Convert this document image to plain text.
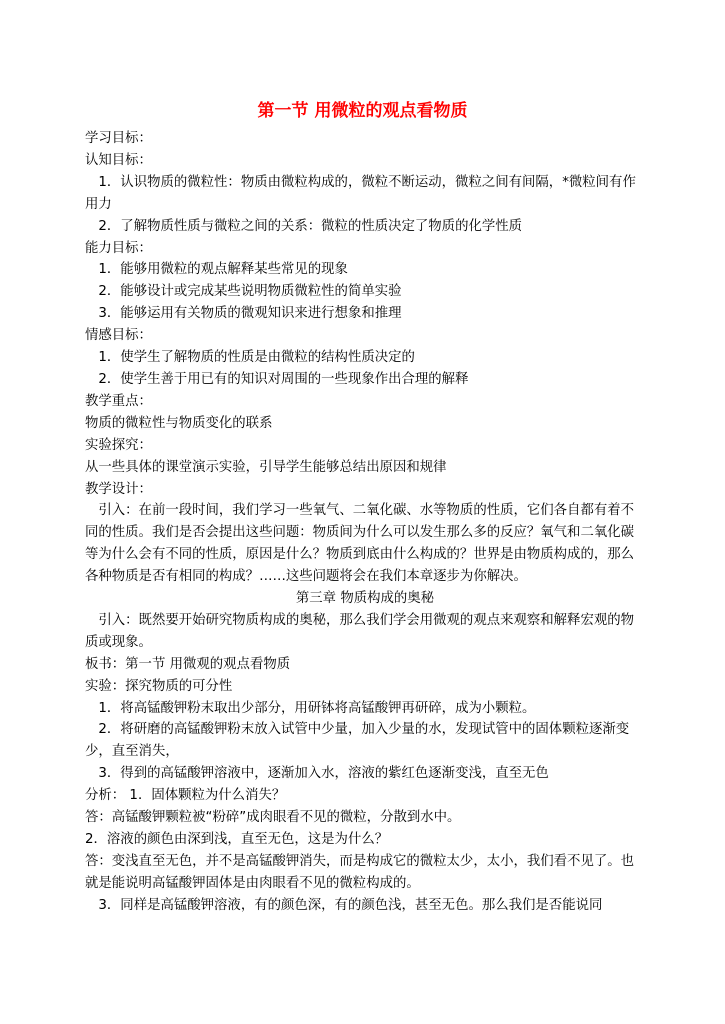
第一节 用微粒的观点看物质

学习目标：

认知目标：

1．认识物质的微粒性：物质由微粒构成的，微粒不断运动，微粒之间有间隔，*微粒间有作用力

2．了解物质性质与微粒之间的关系：微粒的性质决定了物质的化学性质

能力目标：

1．能够用微粒的观点解释某些常见的现象

2．能够设计或完成某些说明物质微粒性的简单实验

3．能够运用有关物质的微观知识来进行想象和推理

情感目标：

1．使学生了解物质的性质是由微粒的结构性质决定的

2．使学生善于用已有的知识对周围的一些现象作出合理的解释

教学重点：

物质的微粒性与物质变化的联系

实验探究：

从一些具体的课堂演示实验，引导学生能够总结出原因和规律

教学设计：

引入：在前一段时间，我们学习一些氧气、二氧化碳、水等物质的性质，它们各自都有着不同的性质。我们是否会提出这些问题：物质间为什么可以发生那么多的反应？氧气和二氧化碳等为什么会有不同的性质，原因是什么？物质到底由什么构成的？世界是由物质构成的，那么各种物质是否有相同的构成？……这些问题将会在我们本章逐步为你解决。

第三章 物质构成的奥秘

引入：既然要开始研究物质构成的奥秘，那么我们学会用微观的观点来观察和解释宏观的物质或现象。

板书：第一节 用微观的观点看物质

实验：探究物质的可分性

1．将高锰酸钾粉末取出少部分，用研钵将高锰酸钾再研碎，成为小颗粒。

2．将研磨的高锰酸钾粉末放入试管中少量，加入少量的水，发现试管中的固体颗粒逐渐变少，直至消失，

3．得到的高锰酸钾溶液中，逐渐加入水，溶液的紫红色逐渐变浅，直至无色

分析： 1．固体颗粒为什么消失？

答：高锰酸钾颗粒被“粉碎”成肉眼看不见的微粒，分散到水中。

2．溶液的颜色由深到浅，直至无色，这是为什么？

答：变浅直至无色，并不是高锰酸钾消失，而是构成它的微粒太少，太小，我们看不见了。也就是能说明高锰酸钾固体是由肉眼看不见的微粒构成的。

3．同样是高锰酸钾溶液，有的颜色深，有的颜色浅，甚至无色。那么我们是否能说同
